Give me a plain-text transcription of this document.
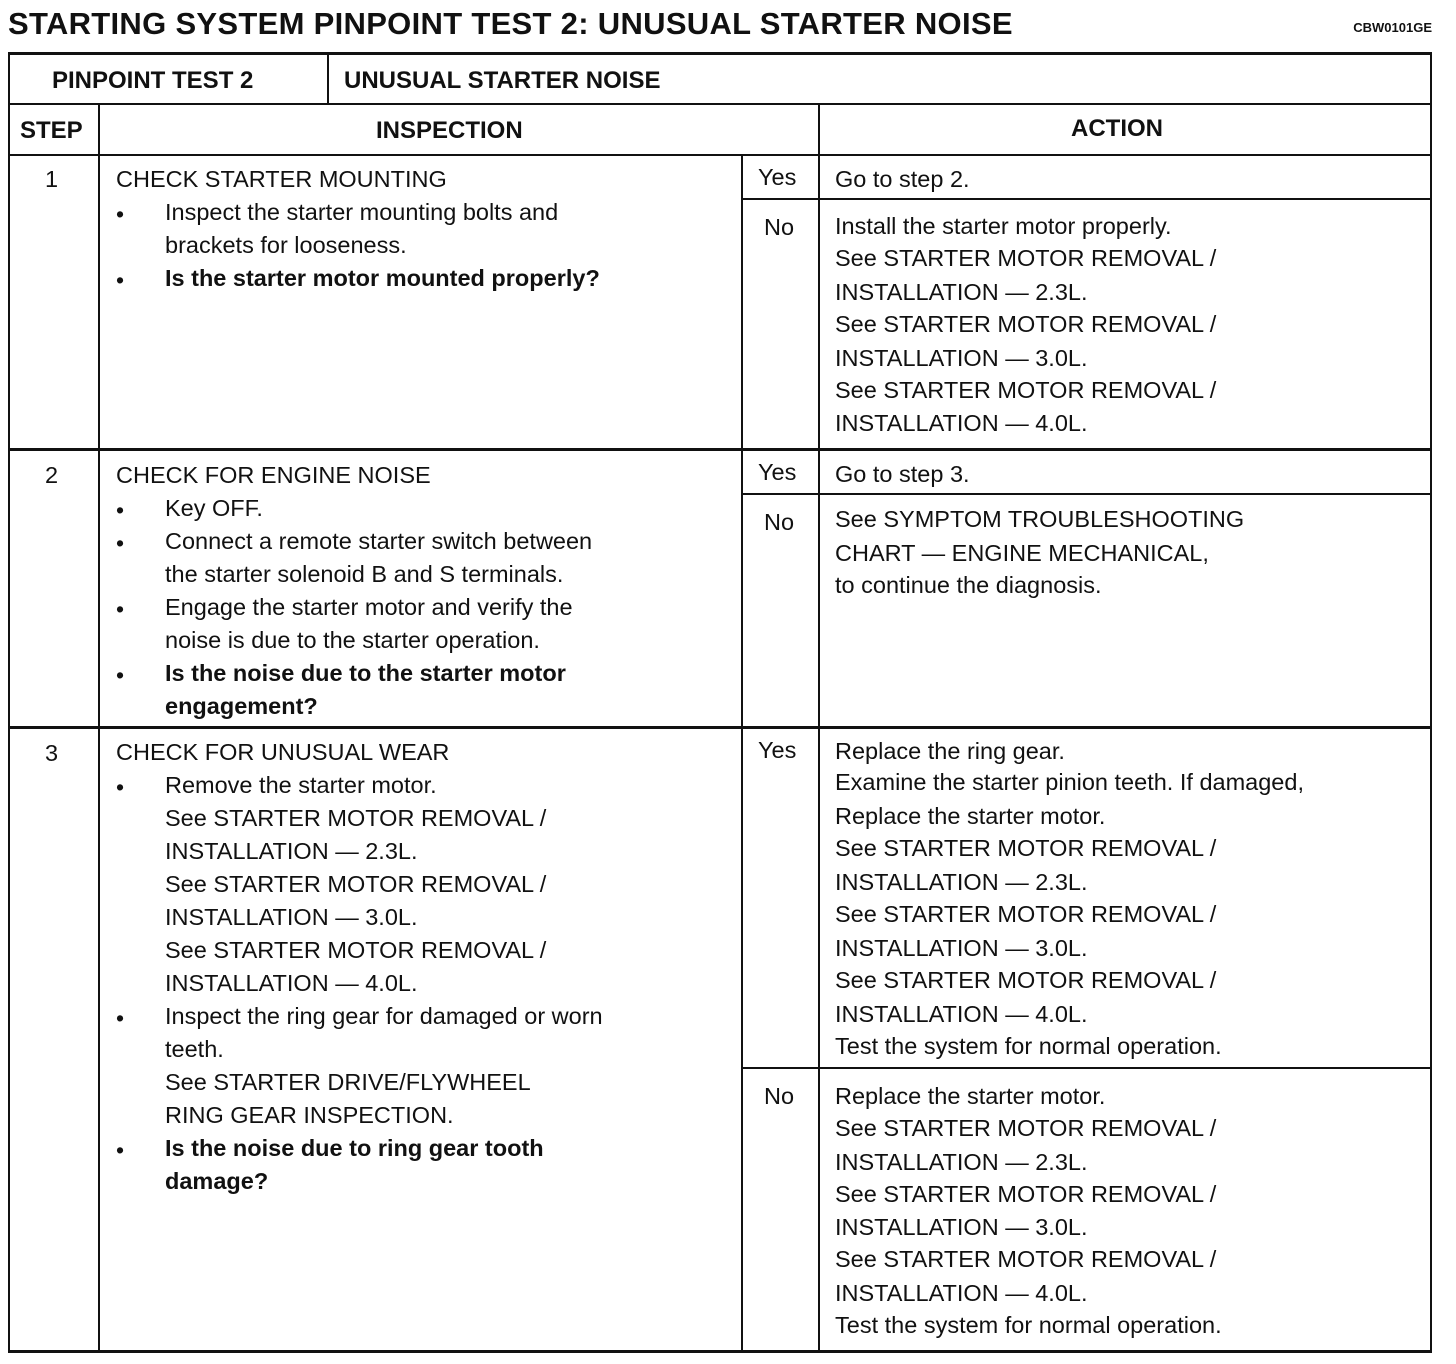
STARTING SYSTEM PINPOINT TEST 2: UNUSUAL STARTER NOISE	CBW0101GE
PINPOINT TEST 2	UNUSUAL STARTER NOISE
STEP	INSPECTION	ACTION
1 CHECK STARTER MOUNTING
• Inspect the starter mounting bolts and
brackets for looseness.
• Is the starter motor mounted properly?
Yes Go to step 2.
No Install the starter motor properly.
See STARTER MOTOR REMOVAL /
INSTALLATION — 2.3L.
See STARTER MOTOR REMOVAL /
INSTALLATION — 3.0L.
See STARTER MOTOR REMOVAL /
INSTALLATION — 4.0L.
2 CHECK FOR ENGINE NOISE
• Key OFF.
• Connect a remote starter switch between
the starter solenoid B and S terminals.
• Engage the starter motor and verify the
noise is due to the starter operation.
• Is the noise due to the starter motor
engagement?
Yes Go to step 3.
No See SYMPTOM TROUBLESHOOTING
CHART — ENGINE MECHANICAL,
to continue the diagnosis.
3 CHECK FOR UNUSUAL WEAR
• Remove the starter motor.
See STARTER MOTOR REMOVAL /
INSTALLATION — 2.3L.
See STARTER MOTOR REMOVAL /
INSTALLATION — 3.0L.
See STARTER MOTOR REMOVAL /
INSTALLATION — 4.0L.
• Inspect the ring gear for damaged or worn
teeth.
See STARTER DRIVE/FLYWHEEL
RING GEAR INSPECTION.
• Is the noise due to ring gear tooth
damage?
Yes Replace the ring gear.
Examine the starter pinion teeth. If damaged,
Replace the starter motor.
See STARTER MOTOR REMOVAL /
INSTALLATION — 2.3L.
See STARTER MOTOR REMOVAL /
INSTALLATION — 3.0L.
See STARTER MOTOR REMOVAL /
INSTALLATION — 4.0L.
Test the system for normal operation.
No Replace the starter motor.
See STARTER MOTOR REMOVAL /
INSTALLATION — 2.3L.
See STARTER MOTOR REMOVAL /
INSTALLATION — 3.0L.
See STARTER MOTOR REMOVAL /
INSTALLATION — 4.0L.
Test the system for normal operation.
